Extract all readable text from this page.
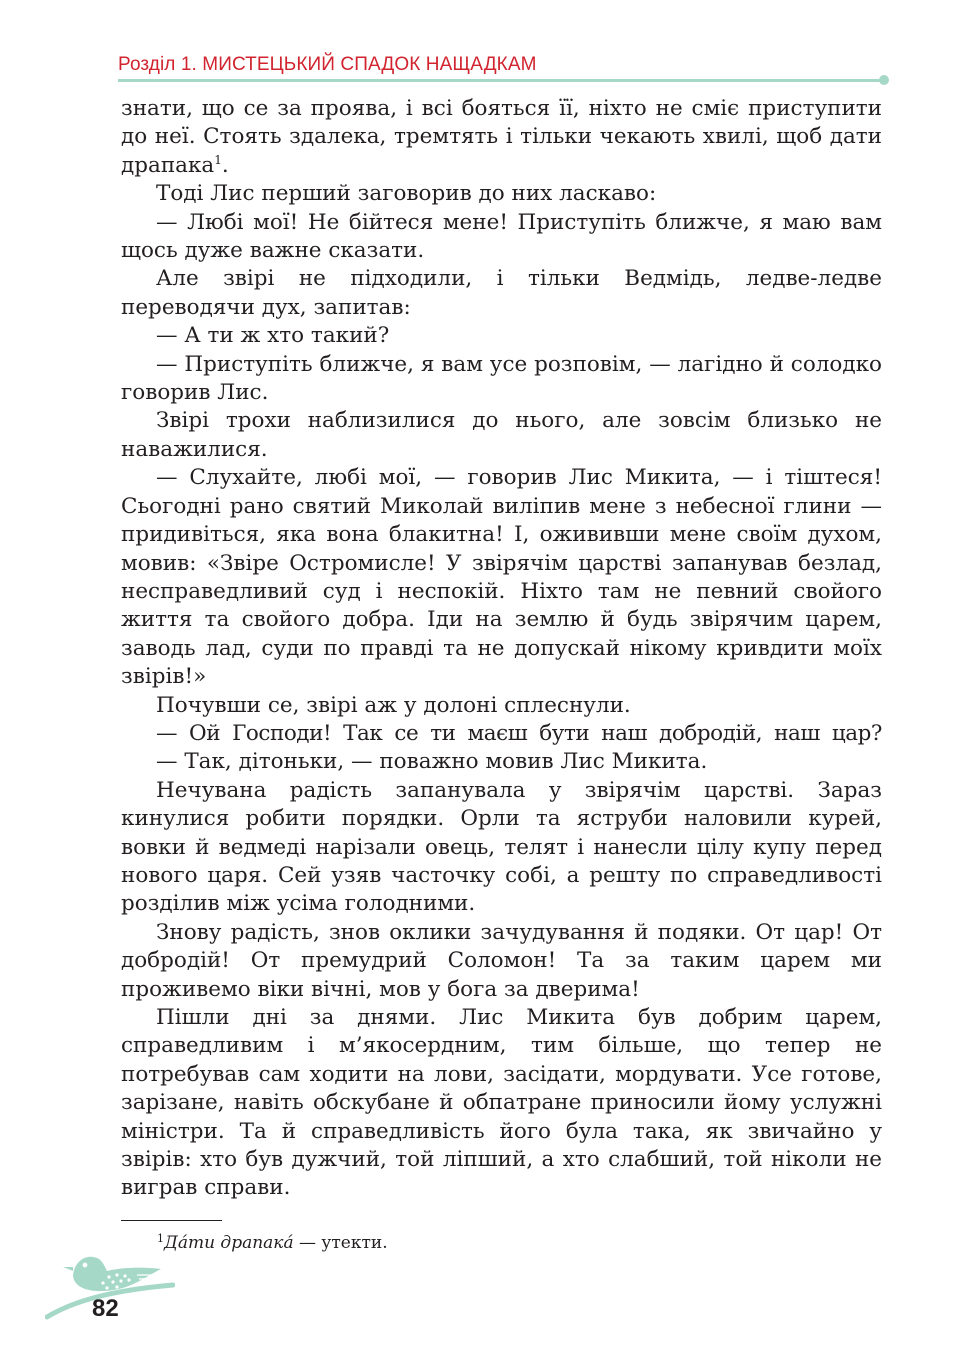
Розділ 1. МИСТЕЦЬКИЙ СПАДОК НАЩАДКАМ

знати, що се за проява, і всі бояться її, ніхто не сміє приступити до неї. Стоять здалека, тремтять і тільки чекають хвилі, щоб дати драпака$^1$.

Тоді Лис перший заговорив до них ласкаво:

— Любі мої! Не бійтеся мене! Приступіть ближче, я маю вам щось дуже важне сказати.

Але звірі не підходили, і тільки Ведмідь, ледве-ледве переводячи дух, запитав:

— А ти ж хто такий?

— Приступіть ближче, я вам усе розповім, — лагідно й солодко говорив Лис.

Звірі трохи наблизилися до нього, але зовсім близько не наважилися.

— Слухайте, любі мої, — говорив Лис Микита, — і тіштеся! Сьогодні рано святий Миколай виліпив мене з небесної глини — придивіться, яка вона блакитна! І, ожививши мене своїм духом, мовив: «Звіре Остромисле! У звірячім царстві запанував безлад, несправедливий суд і неспокій. Ніхто там не певний свойого життя та свойого добра. Іди на землю й будь звірячим царем, заводь лад, суди по правді та не допускай нікому кривдити моїх звірів!»

Почувши се, звірі аж у долоні сплеснули.

— Ой Господи! Так се ти маєш бути наш добродій, наш цар?

— Так, дітоньки, — поважно мовив Лис Микита.

Нечувана радість запанувала у звірячім царстві. Зараз кинулися робити порядки. Орли та яструби наловили курей, вовки й ведмеді нарізали овець, телят і нанесли цілу купу перед нового царя. Сей узяв часточку собі, а решту по справедливості розділив між усіма голодними.

Знову радість, знов оклики зачудування й подяки. От цар! От добродій! От премудрий Соломон! Та за таким царем ми проживемо віки вічні, мов у бога за дверима!

Пішли дні за днями. Лис Микита був добрим царем, справедливим і м’якосердним, тим більше, що тепер не потребував сам ходити на лови, засідати, мордувати. Усе готове, зарізане, навіть обскубане й обпатране приносили йому услужні міністри. Та й справедливість його була така, як звичайно у звірів: хто був дужчий, той ліпший, а хто слабший, той ніколи не виграв справи.

$^1$Да́ти драпака́ — утекти.
82
